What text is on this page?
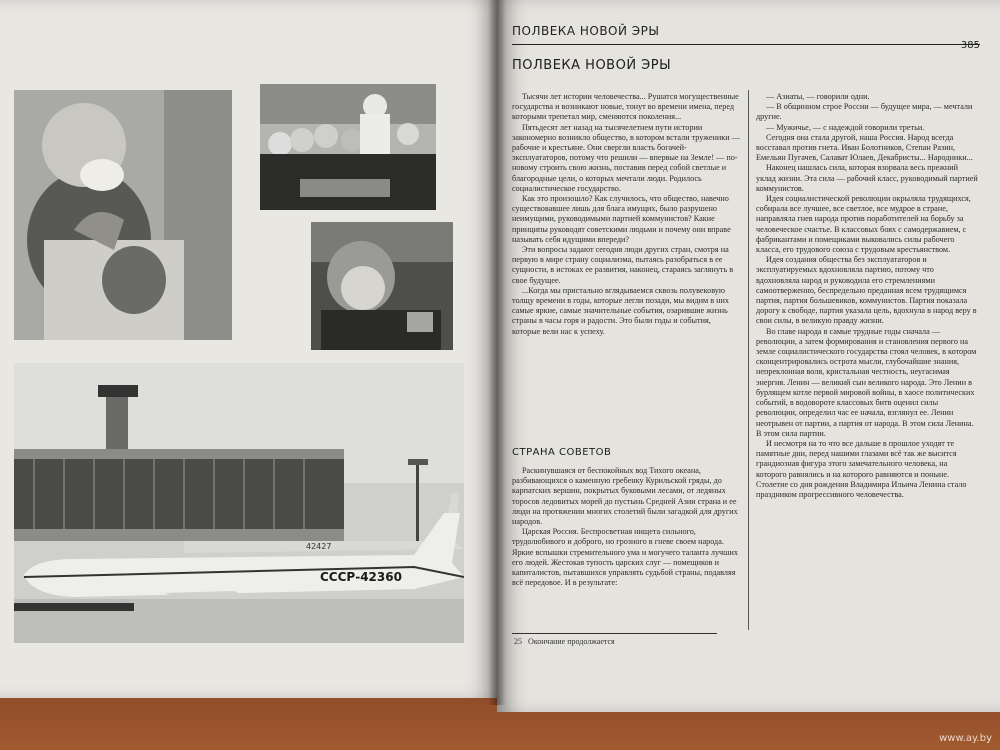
СССР-42360
42427
ПОЛВЕКА НОВОЙ ЭРЫ
385
ПОЛВЕКА НОВОЙ ЭРЫ

Тысячи лет истории человечества... Рушатся могущественные государства и возникают новые, тонут во времени имена, перед которыми трепетал мир, сменяются поколения...

Пятьдесят лет назад на тысячелетнем пути истории закономерно возникло общество, в котором встали труженики — рабочие и крестьяне. Они свергли власть богачей-эксплуататоров, потому что решили — впервые на Земле! — по-новому строить свою жизнь, поставив перед собой светлые и благородные цели, о которых мечтали люди. Родилось социалистическое государство.

Как это произошло? Как случилось, что общество, навечно существовавшее лишь для блага имущих, было разрушено неимущими, руководимыми партией коммунистов? Какие принципы руководят советскими людьми и почему они вправе называть себя идущими впереди?

Эти вопросы задают сегодня люди других стран, смотря на первую в мире страну социализма, пытаясь разобраться в ее сущности, в истоках ее развития, наконец, стараясь заглянуть в свое будущее.

...Когда мы пристально вглядываемся сквозь полувековую толщу времени в годы, которые легли позади, мы видим в них самые яркие, самые значительные события, озарившие жизнь страны в часы горя и радости. Это были годы и события, которые вели нас к успеху.

СТРАНА СОВЕТОВ

Раскинувшаяся от беспокойных вод Тихого океана, разбивающихся о каменную гребенку Курильской гряды, до карпатских вершин, покрытых буковыми лесами, от ледяных торосов ледовитых морей до пустынь Средней Азии страна и ее люди на протяжении многих столетий были загадкой для других народов.

Царская Россия. Беспросветная нищета сильного, трудолюбивого и доброго, но грозного в гневе своем народа. Яркие вспышки стремительного ума и могучего таланта лучших его людей. Жестокая тупость царских слуг — помещиков и капиталистов, пытавшихся управлять судьбой страны, подавляя всё передовое. И в результате:

— Азиаты, — говорили одни.

— В общинном строе России — будущее мира, — мечтали другие.

— Мужичье, — с надеждой говорили третьи.

Сегодня она стала другой, наша Россия. Народ всегда восставал против гнета. Иван Болотников, Степан Разин, Емельян Пугачев, Салават Юлаев, Декабристы... Народники...

Наконец нашлась сила, которая взорвала весь прежний уклад жизни. Эта сила — рабочий класс, руководимый партией коммунистов.

Идея социалистической революции окрыляла трудящихся, собирала все лучшее, все светлое, все мудрое в стране, направляла гнев народа против поработителей на борьбу за человеческое счастье. В классовых боях с самодержавием, с фабрикантами и помещиками выковались силы рабочего класса, его трудового союза с трудовым крестьянством.

Идея создания общества без эксплуататоров и эксплуатируемых вдохновляла партию, потому что вдохновляла народ и руководила его стремлениями самоотверженно, беспредельно преданная всем трудящимся партия, партия большевиков, коммунистов. Партия показала дорогу к свободе, партия указала цель, вдохнула в народ веру в свои силы, в великую правду жизни.

Во главе народа в самые трудные годы сначала — революции, а затем формирования и становления первого на земле социалистического государства стоял человек, в котором сконцентрировались острота мысли, глубочайшие знания, непреклонная воля, кристальная честность, неугасимая энергия. Ленин — великий сын великого народа. Это Ленин в бурлящем котле первой мировой войны, в хаосе политических событий, в водовороте классовых битв оценил силы революции, определил час ее начала, взглянул ее. Ленин неотрывен от партии, а партия от народа. В этом сила Ленина. В этом сила партии.

И несмотря на то что все дальше в прошлое уходят те памятные дни, перед нашими глазами всё так же высится грандиозная фигура этого замечательного человека, на которого равнялись и на которого равняются и поныне. Столетие со дня рождения Владимира Ильича Ленина стало праздником прогрессивного человечества.

25 Окончание продолжается
www.ay.by
